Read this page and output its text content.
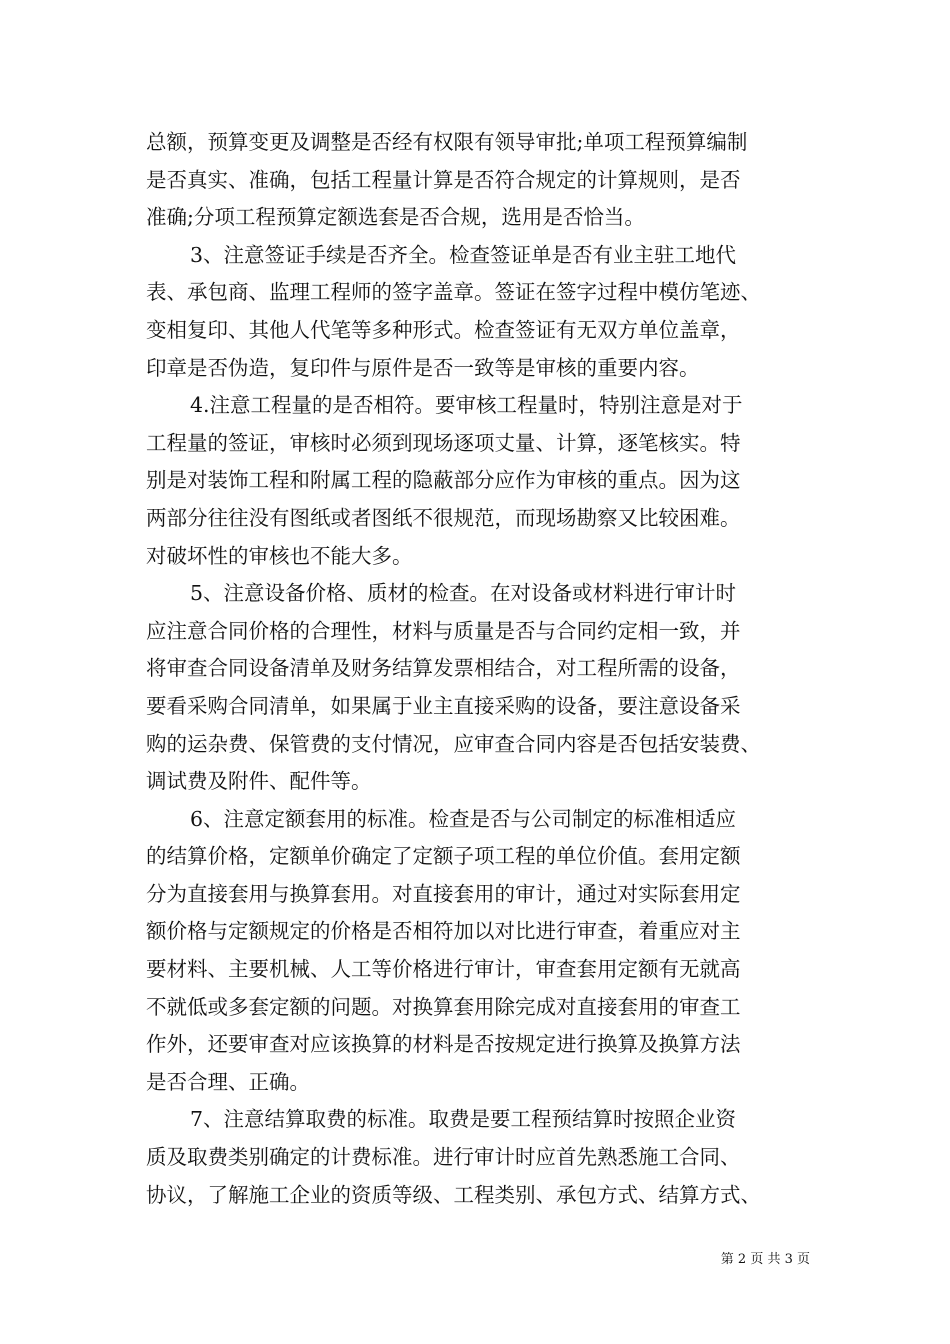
总额，预算变更及调整是否经有权限有领导审批;单项工程预算编制
是否真实、准确，包括工程量计算是否符合规定的计算规则，是否
准确;分项工程预算定额选套是否合规，选用是否恰当。
3、注意签证手续是否齐全。检查签证单是否有业主驻工地代
表、承包商、监理工程师的签字盖章。签证在签字过程中模仿笔迹、
变相复印、其他人代笔等多种形式。检查签证有无双方单位盖章，
印章是否伪造，复印件与原件是否一致等是审核的重要内容。
4.注意工程量的是否相符。要审核工程量时，特别注意是对于
工程量的签证，审核时必须到现场逐项丈量、计算，逐笔核实。特
别是对装饰工程和附属工程的隐蔽部分应作为审核的重点。因为这
两部分往往没有图纸或者图纸不很规范，而现场勘察又比较困难。
对破坏性的审核也不能大多。
5、注意设备价格、质材的检查。在对设备或材料进行审计时
应注意合同价格的合理性，材料与质量是否与合同约定相一致，并
将审查合同设备清单及财务结算发票相结合，对工程所需的设备，
要看采购合同清单，如果属于业主直接采购的设备，要注意设备采
购的运杂费、保管费的支付情况，应审查合同内容是否包括安装费、
调试费及附件、配件等。
6、注意定额套用的标准。检查是否与公司制定的标准相适应
的结算价格，定额单价确定了定额子项工程的单位价值。套用定额
分为直接套用与换算套用。对直接套用的审计，通过对实际套用定
额价格与定额规定的价格是否相符加以对比进行审查，着重应对主
要材料、主要机械、人工等价格进行审计，审查套用定额有无就高
不就低或多套定额的问题。对换算套用除完成对直接套用的审查工
作外，还要审查对应该换算的材料是否按规定进行换算及换算方法
是否合理、正确。
7、注意结算取费的标准。取费是要工程预结算时按照企业资
质及取费类别确定的计费标准。进行审计时应首先熟悉施工合同、
协议，了解施工企业的资质等级、工程类别、承包方式、结算方式、
第 2 页 共 3 页
